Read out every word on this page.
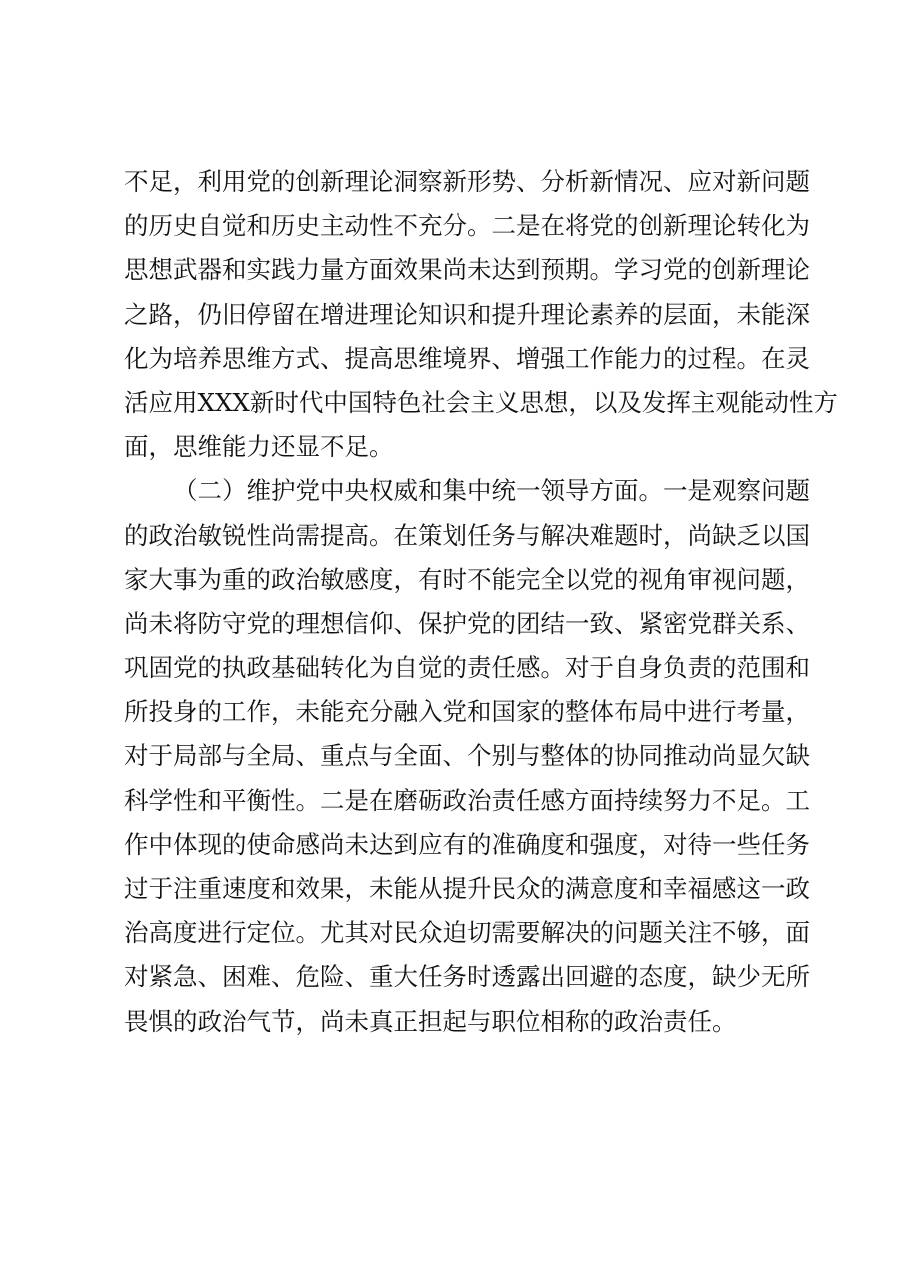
不足，利用党的创新理论洞察新形势、分析新情况、应对新问题
的历史自觉和历史主动性不充分。二是在将党的创新理论转化为
思想武器和实践力量方面效果尚未达到预期。学习党的创新理论
之路，仍旧停留在增进理论知识和提升理论素养的层面，未能深
化为培养思维方式、提高思维境界、增强工作能力的过程。在灵
活应用XXX新时代中国特色社会主义思想，以及发挥主观能动性方
面，思维能力还显不足。
（二）维护党中央权威和集中统一领导方面。一是观察问题
的政治敏锐性尚需提高。在策划任务与解决难题时，尚缺乏以国
家大事为重的政治敏感度，有时不能完全以党的视角审视问题，
尚未将防守党的理想信仰、保护党的团结一致、紧密党群关系、
巩固党的执政基础转化为自觉的责任感。对于自身负责的范围和
所投身的工作，未能充分融入党和国家的整体布局中进行考量，
对于局部与全局、重点与全面、个别与整体的协同推动尚显欠缺
科学性和平衡性。二是在磨砺政治责任感方面持续努力不足。工
作中体现的使命感尚未达到应有的准确度和强度，对待一些任务
过于注重速度和效果，未能从提升民众的满意度和幸福感这一政
治高度进行定位。尤其对民众迫切需要解决的问题关注不够，面
对紧急、困难、危险、重大任务时透露出回避的态度，缺少无所
畏惧的政治气节，尚未真正担起与职位相称的政治责任。
